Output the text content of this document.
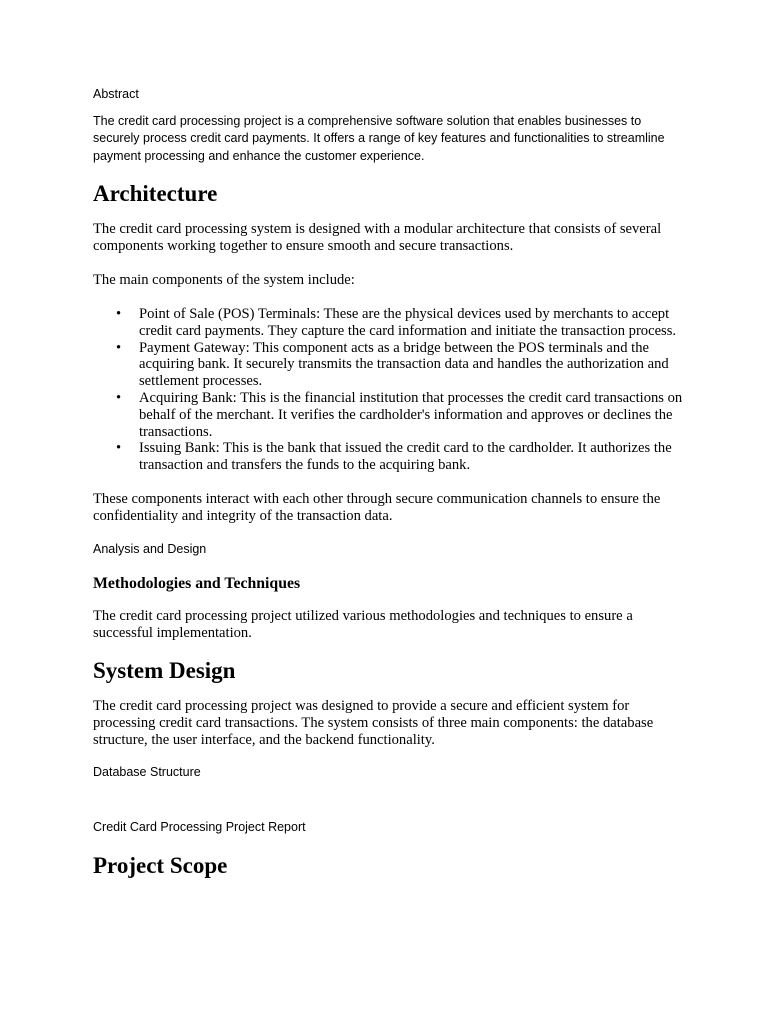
Abstract

The credit card processing project is a comprehensive software solution that enables businesses to securely process credit card payments. It offers a range of key features and functionalities to streamline payment processing and enhance the customer experience.

Architecture

The credit card processing system is designed with a modular architecture that consists of several components working together to ensure smooth and secure transactions.

The main components of the system include:

• Point of Sale (POS) Terminals: These are the physical devices used by merchants to accept credit card payments. They capture the card information and initiate the transaction process.
• Payment Gateway: This component acts as a bridge between the POS terminals and the acquiring bank. It securely transmits the transaction data and handles the authorization and settlement processes.
• Acquiring Bank: This is the financial institution that processes the credit card transactions on behalf of the merchant. It verifies the cardholder's information and approves or declines the transactions.
• Issuing Bank: This is the bank that issued the credit card to the cardholder. It authorizes the transaction and transfers the funds to the acquiring bank.

These components interact with each other through secure communication channels to ensure the confidentiality and integrity of the transaction data.

Analysis and Design

Methodologies and Techniques

The credit card processing project utilized various methodologies and techniques to ensure a successful implementation.

System Design

The credit card processing project was designed to provide a secure and efficient system for processing credit card transactions. The system consists of three main components: the database structure, the user interface, and the backend functionality.

Database Structure

Credit Card Processing Project Report

Project Scope
